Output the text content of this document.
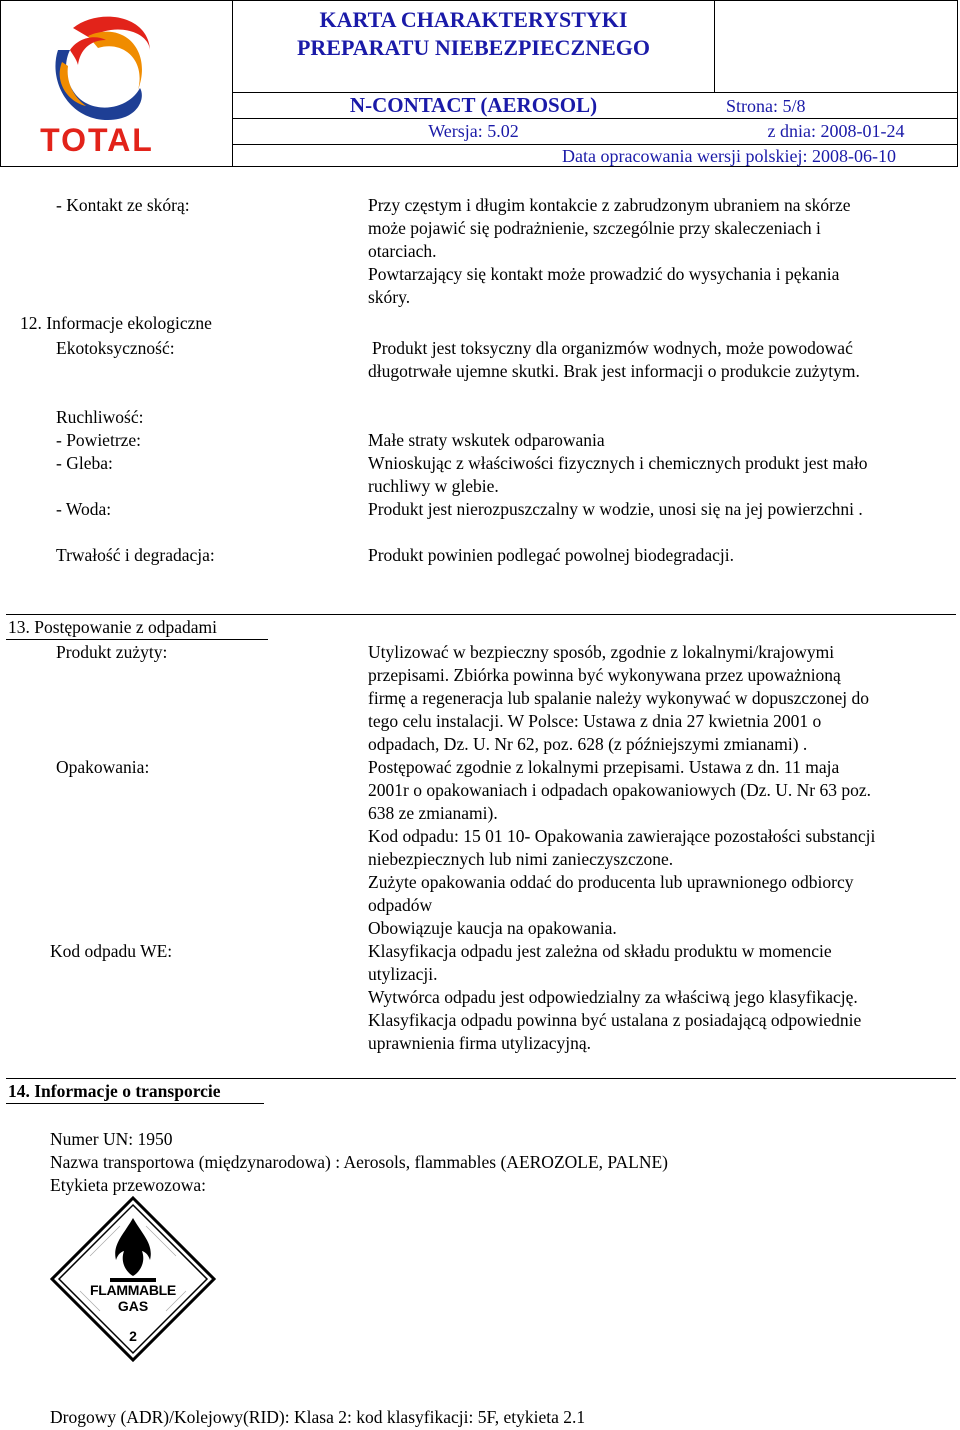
TOTAL
KARTA CHARAKTERYSTYKI
PREPARATU NIEBEZPIECZNEGO
N-CONTACT (AEROSOL)	Strona: 5/8
Wersja: 5.02	z dnia: 2008-01-24
Data opracowania wersji polskiej: 2008-06-10
- Kontakt ze skórą:	Przy częstym i długim kontakcie z zabrudzonym ubraniem na skórze
może pojawić się podrażnienie, szczególnie przy skaleczeniach i
otarciach.
Powtarzający się kontakt może prowadzić do wysychania i pękania
skóry.
12. Informacje ekologiczne
Ekotoksyczność:	Produkt jest toksyczny dla organizmów wodnych, może powodować
długotrwałe ujemne skutki. Brak jest informacji o produkcie zużytym.
Ruchliwość:
- Powietrze:	Małe straty wskutek odparowania
- Gleba:	Wnioskując z właściwości fizycznych i chemicznych produkt jest mało
ruchliwy w glebie.
- Woda:	Produkt jest nierozpuszczalny w wodzie, unosi się na jej powierzchni .
Trwałość i degradacja:	Produkt powinien podlegać powolnej biodegradacji.
13. Postępowanie z odpadami
Produkt zużyty:	Utylizować w bezpieczny sposób, zgodnie z lokalnymi/krajowymi
przepisami. Zbiórka powinna być wykonywana przez upoważnioną
firmę a regeneracja lub spalanie należy wykonywać w dopuszczonej do
tego celu instalacji. W Polsce: Ustawa z dnia 27 kwietnia 2001 o
odpadach, Dz. U. Nr 62, poz. 628 (z późniejszymi zmianami) .
Opakowania:	Postępować zgodnie z lokalnymi przepisami. Ustawa z dn. 11 maja
2001r o opakowaniach i odpadach opakowaniowych (Dz. U. Nr 63 poz.
638 ze zmianami).
Kod odpadu: 15 01 10- Opakowania zawierające pozostałości substancji
niebezpiecznych lub nimi zanieczyszczone.
Zużyte opakowania oddać do producenta lub uprawnionego odbiorcy
odpadów
Obowiązuje kaucja na opakowania.
Kod odpadu WE:	Klasyfikacja odpadu jest zależna od składu produktu w momencie
utylizacji.
Wytwórca odpadu jest odpowiedzialny za właściwą jego klasyfikację.
Klasyfikacja odpadu powinna być ustalana z posiadającą odpowiednie
uprawnienia firma utylizacyjną.
14. Informacje o transporcie
Numer UN: 1950
Nazwa transportowa (międzynarodowa) : Aerosols, flammables (AEROZOLE, PALNE)
Etykieta przewozowa:
FLAMMABLE
GAS
2
Drogowy (ADR)/Kolejowy(RID): Klasa 2: kod klasyfikacji: 5F, etykieta 2.1
